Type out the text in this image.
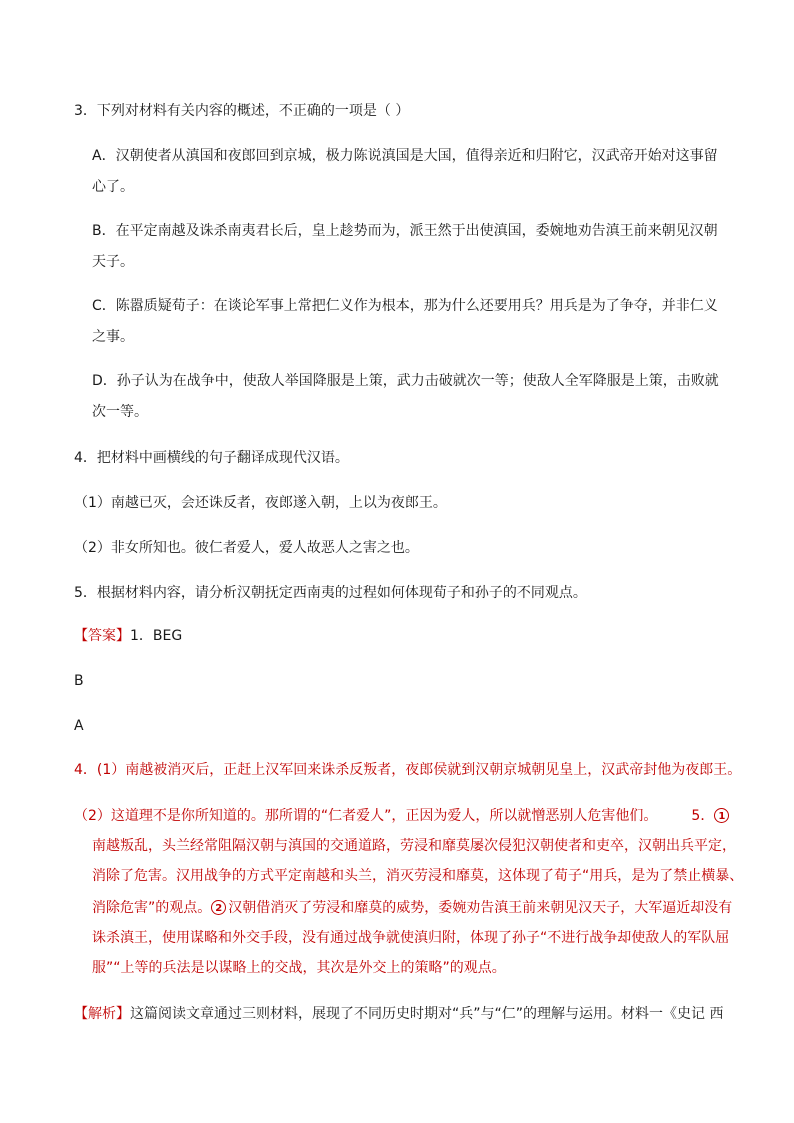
3．下列对材料有关内容的概述，不正确的一项是（ ）
A．汉朝使者从滇国和夜郎回到京城，极力陈说滇国是大国，值得亲近和归附它，汉武帝开始对这事留
心了。
B．在平定南越及诛杀南夷君长后，皇上趁势而为，派王然于出使滇国，委婉地劝告滇王前来朝见汉朝
天子。
C．陈嚣质疑荀子：在谈论军事上常把仁义作为根本，那为什么还要用兵？用兵是为了争夺，并非仁义
之事。
D．孙子认为在战争中，使敌人举国降服是上策，武力击破就次一等；使敌人全军降服是上策，击败就
次一等。
4．把材料中画横线的句子翻译成现代汉语。
（1）南越已灭，会还诛反者，夜郎遂入朝，上以为夜郎王。
（2）非女所知也。彼仁者爱人，爱人故恶人之害之也。
5．根据材料内容，请分析汉朝抚定西南夷的过程如何体现荀子和孙子的不同观点。
【答案】1．BEG
B
A
4．(1）南越被消灭后，正赶上汉军回来诛杀反叛者，夜郎侯就到汉朝京城朝见皇上，汉武帝封他为夜郎王。
（2）这道理不是你所知道的。那所谓的“仁者爱人”，正因为爱人，所以就憎恶别人危害他们。 5． 1
南越叛乱，头兰经常阻隔汉朝与滇国的交通道路，劳浸和靡莫屡次侵犯汉朝使者和吏卒，汉朝出兵平定，
消除了危害。汉用战争的方式平定南越和头兰，消灭劳浸和靡莫，这体现了荀子“用兵，是为了禁止横暴、
消除危害”的观点。 2 汉朝借消灭了劳浸和靡莫的威势，委婉劝告滇王前来朝见汉天子，大军逼近却没有
诛杀滇王，使用谋略和外交手段，没有通过战争就使滇归附，体现了孙子“不进行战争却使敌人的军队屈
服”“上等的兵法是以谋略上的交战，其次是外交上的策略”的观点。
【解析】这篇阅读文章通过三则材料，展现了不同历史时期对“兵”与“仁”的理解与运用。材料一《史记 西
